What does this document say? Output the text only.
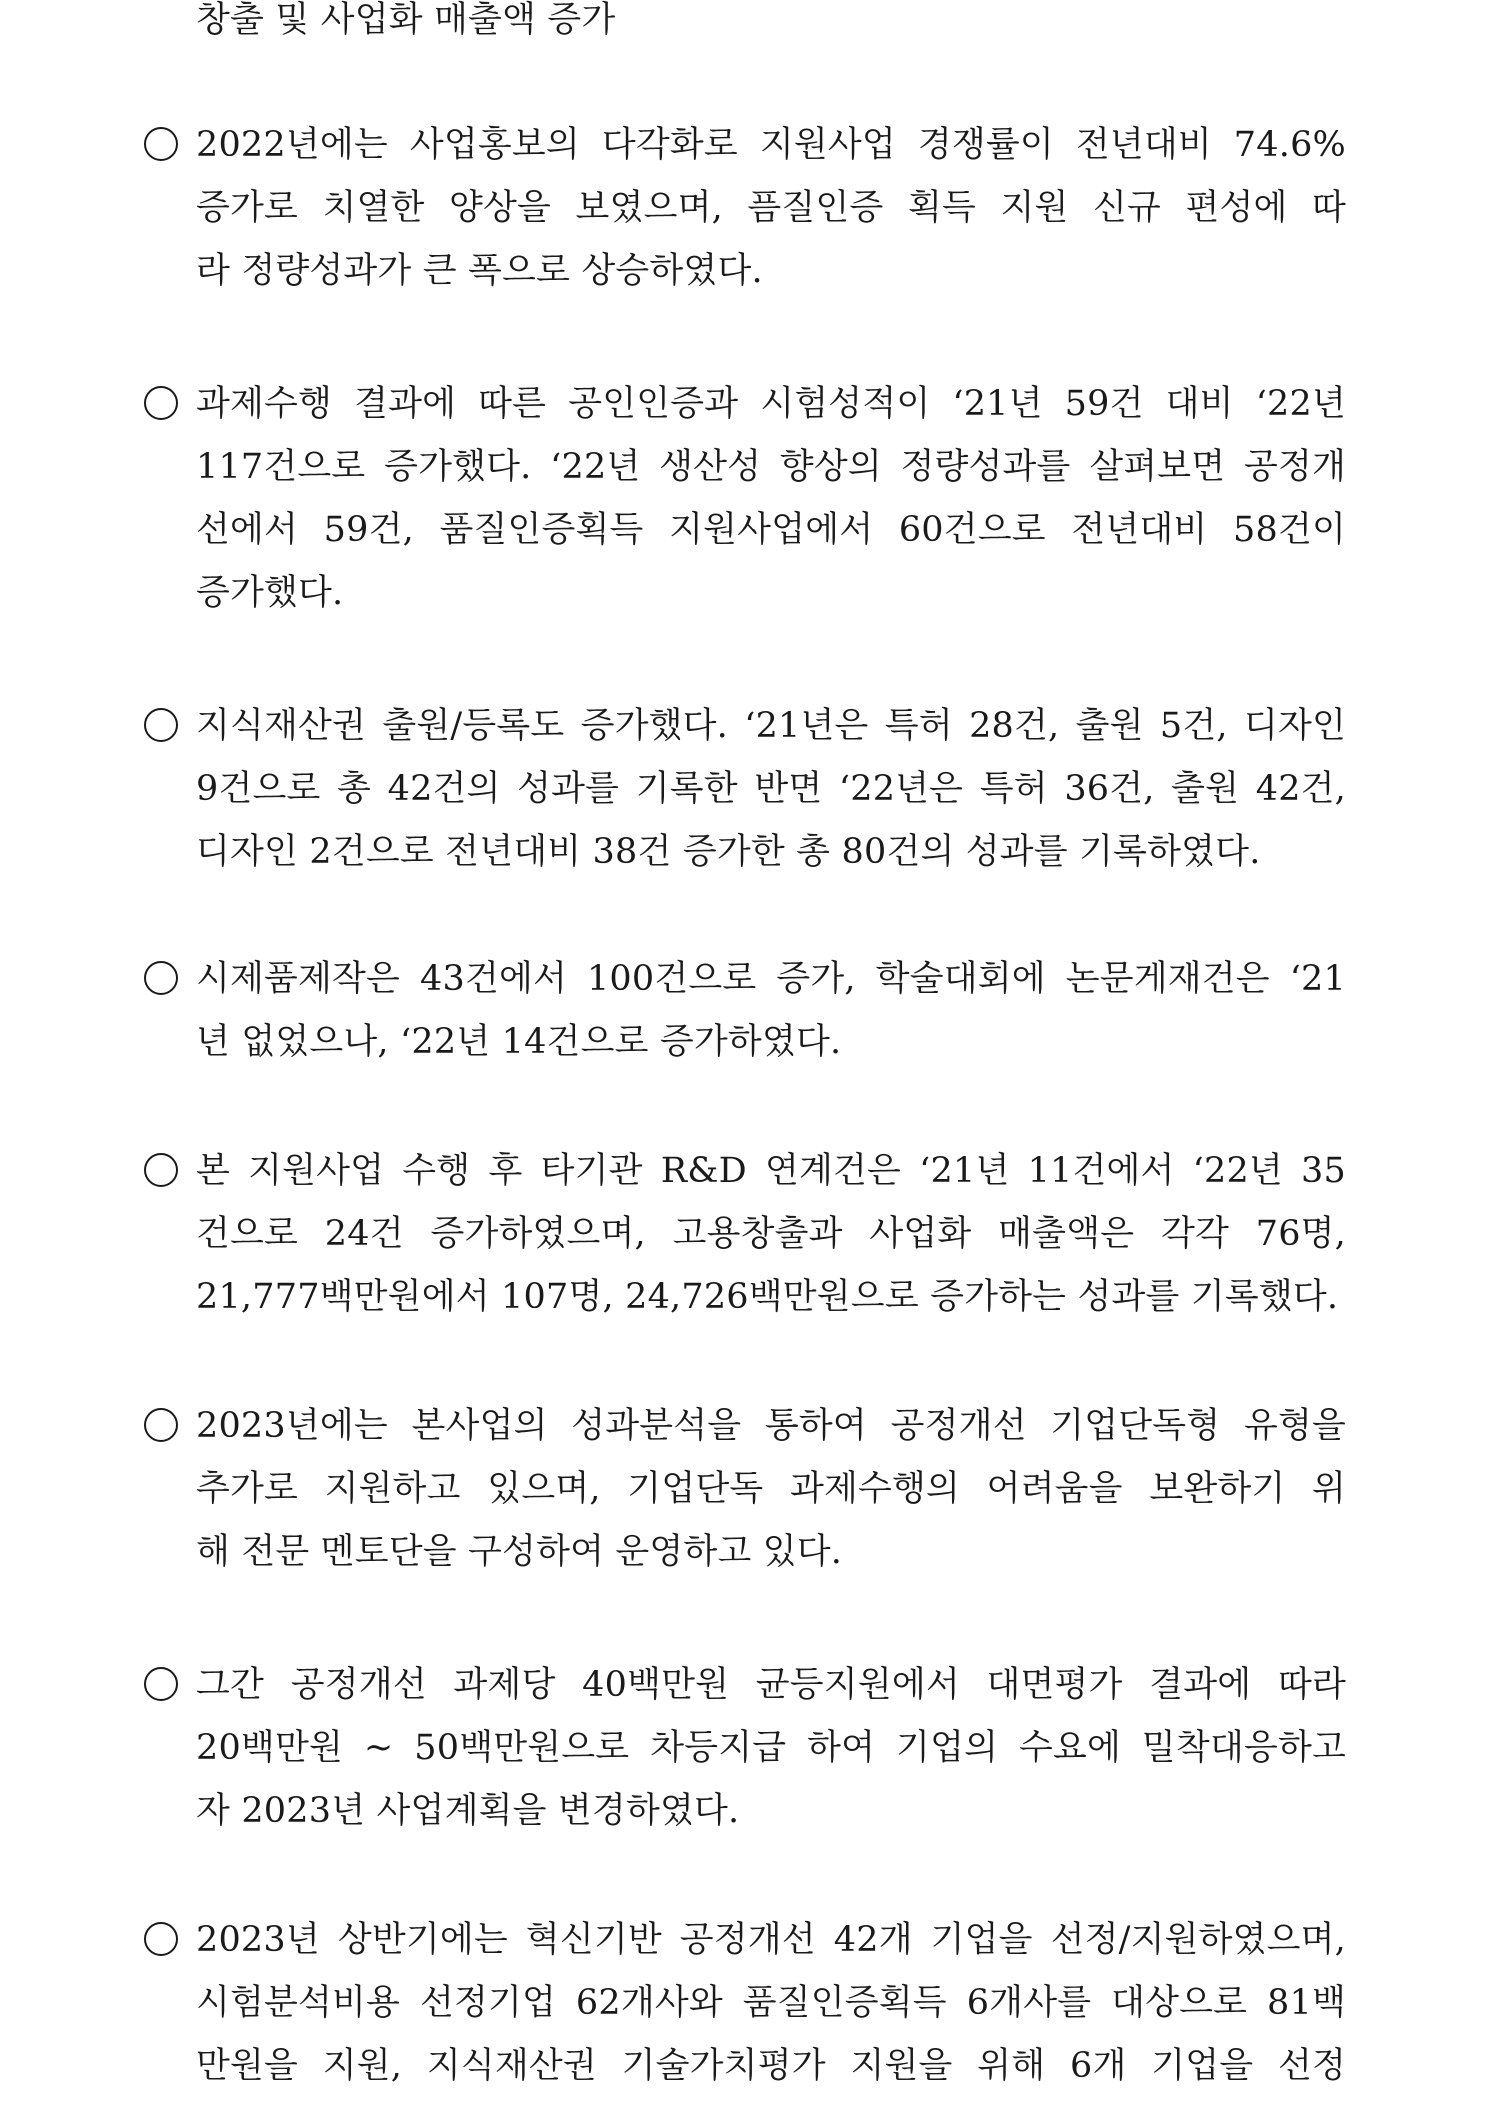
창출 및 사업화 매출액 증가
2022년에는 사업홍보의 다각화로 지원사업 경쟁률이 전년대비 74.6%
증가로 치열한 양상을 보였으며, 픔질인증 획득 지원 신규 편성에 따
라 정량성과가 큰 폭으로 상승하였다.
과제수행 결과에 따른 공인인증과 시험성적이 ‘21년 59건 대비 ‘22년
117건으로 증가했다. ‘22년 생산성 향상의 정량성과를 살펴보면 공정개
선에서 59건, 품질인증획득 지원사업에서 60건으로 전년대비 58건이
증가했다.
지식재산권 출원/등록도 증가했다. ‘21년은 특허 28건, 출원 5건, 디자인
9건으로 총 42건의 성과를 기록한 반면 ‘22년은 특허 36건, 출원 42건,
디자인 2건으로 전년대비 38건 증가한 총 80건의 성과를 기록하였다.
시제품제작은 43건에서 100건으로 증가, 학술대회에 논문게재건은 ‘21
년 없었으나, ‘22년 14건으로 증가하였다.
본 지원사업 수행 후 타기관 R&D 연계건은 ‘21년 11건에서 ‘22년 35
건으로 24건 증가하였으며, 고용창출과 사업화 매출액은 각각 76명,
21,777백만원에서 107명, 24,726백만원으로 증가하는 성과를 기록했다.
2023년에는 본사업의 성과분석을 통하여 공정개선 기업단독형 유형을
추가로 지원하고 있으며, 기업단독 과제수행의 어려움을 보완하기 위
해 전문 멘토단을 구성하여 운영하고 있다.
그간 공정개선 과제당 40백만원 균등지원에서 대면평가 결과에 따라
20백만원 ~ 50백만원으로 차등지급 하여 기업의 수요에 밀착대응하고
자 2023년 사업계획을 변경하였다.
2023년 상반기에는 혁신기반 공정개선 42개 기업을 선정/지원하였으며,
시험분석비용 선정기업 62개사와 품질인증획득 6개사를 대상으로 81백
만원을 지원, 지식재산권 기술가치평가 지원을 위해 6개 기업을 선정
